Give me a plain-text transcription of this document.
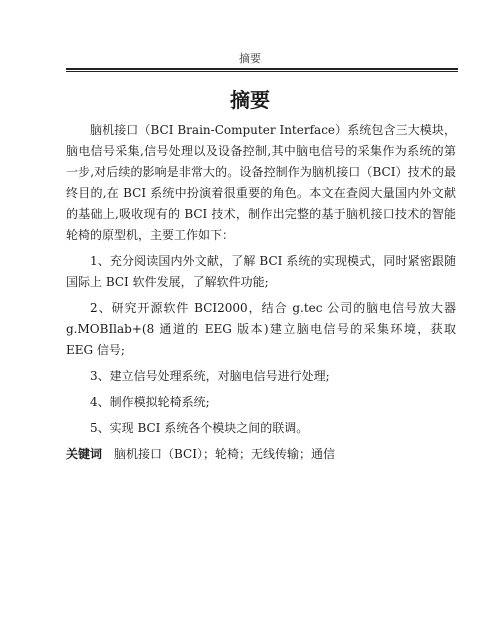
摘要
摘要

脑机接口（BCI Brain-Computer Interface）系统包含三大模块，脑电信号采集,信号处理以及设备控制,其中脑电信号的采集作为系统的第一步,对后续的影响是非常大的。设备控制作为脑机接口（BCI）技术的最终目的,在 BCI 系统中扮演着很重要的角色。本文在查阅大量国内外文献的基础上,吸收现有的 BCI 技术，制作出完整的基于脑机接口技术的智能轮椅的原型机，主要工作如下：

1、充分阅读国内外文献，了解 BCI 系统的实现模式，同时紧密跟随国际上 BCI 软件发展，了解软件功能;

2、研究开源软件 BCI2000，结合 g.tec 公司的脑电信号放大器g.MOBIlab+(8 通道的 EEG 版本)建立脑电信号的采集环境，获取 EEG 信号;

3、建立信号处理系统，对脑电信号进行处理;

4、制作模拟轮椅系统;

5、实现 BCI 系统各个模块之间的联调。

关键词 脑机接口（BCI）；轮椅；无线传输；通信
